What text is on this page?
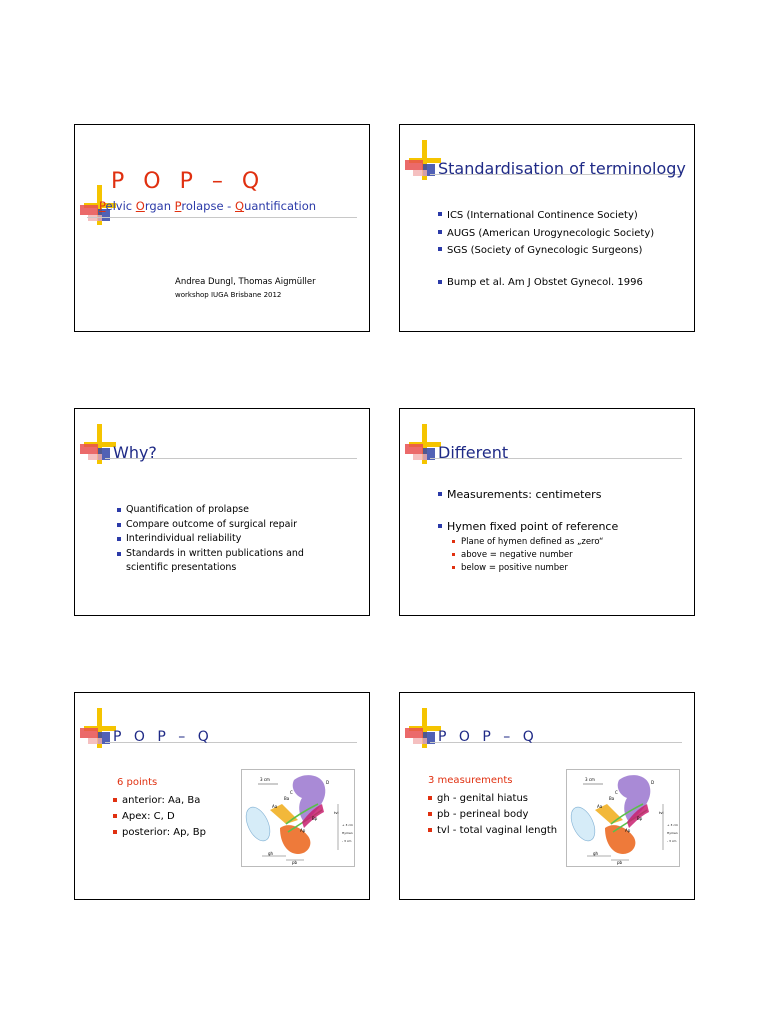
P O P – Q
Pelvic Organ Prolapse - Quantification
Andrea Dungl, Thomas Aigmüller
workshop IUGA Brisbane 2012
Standardisation of terminology
ICS (International Continence Society)
AUGS (American Urogynecologic Society)
SGS (Society of Gynecologic Surgeons)
Bump et al. Am J Obstet Gynecol. 1996
Why?
Quantification of prolapse
Compare outcome of surgical repair
Interindividual reliability
Standards in written publications and scientific presentations
Different
Measurements: centimeters
Hymen fixed point of reference
Plane of hymen defined as „zero“
above = negative number
below = positive number
P O P – Q
6 points
anterior: Aa, Ba
Apex: C, D
posterior: Ap, Bp
3 cm
D
C
Ba
Aa
Bp
Ap
tvl
+ 3 cm
Hymen
- 3 cm
gh
pb
P O P – Q
3 measurements
gh - genital hiatus
pb - perineal body
tvl - total vaginal length
3 cm
D
C
Ba
Aa
Bp
Ap
tvl
+ 3 cm
Hymen
- 3 cm
gh
pb
